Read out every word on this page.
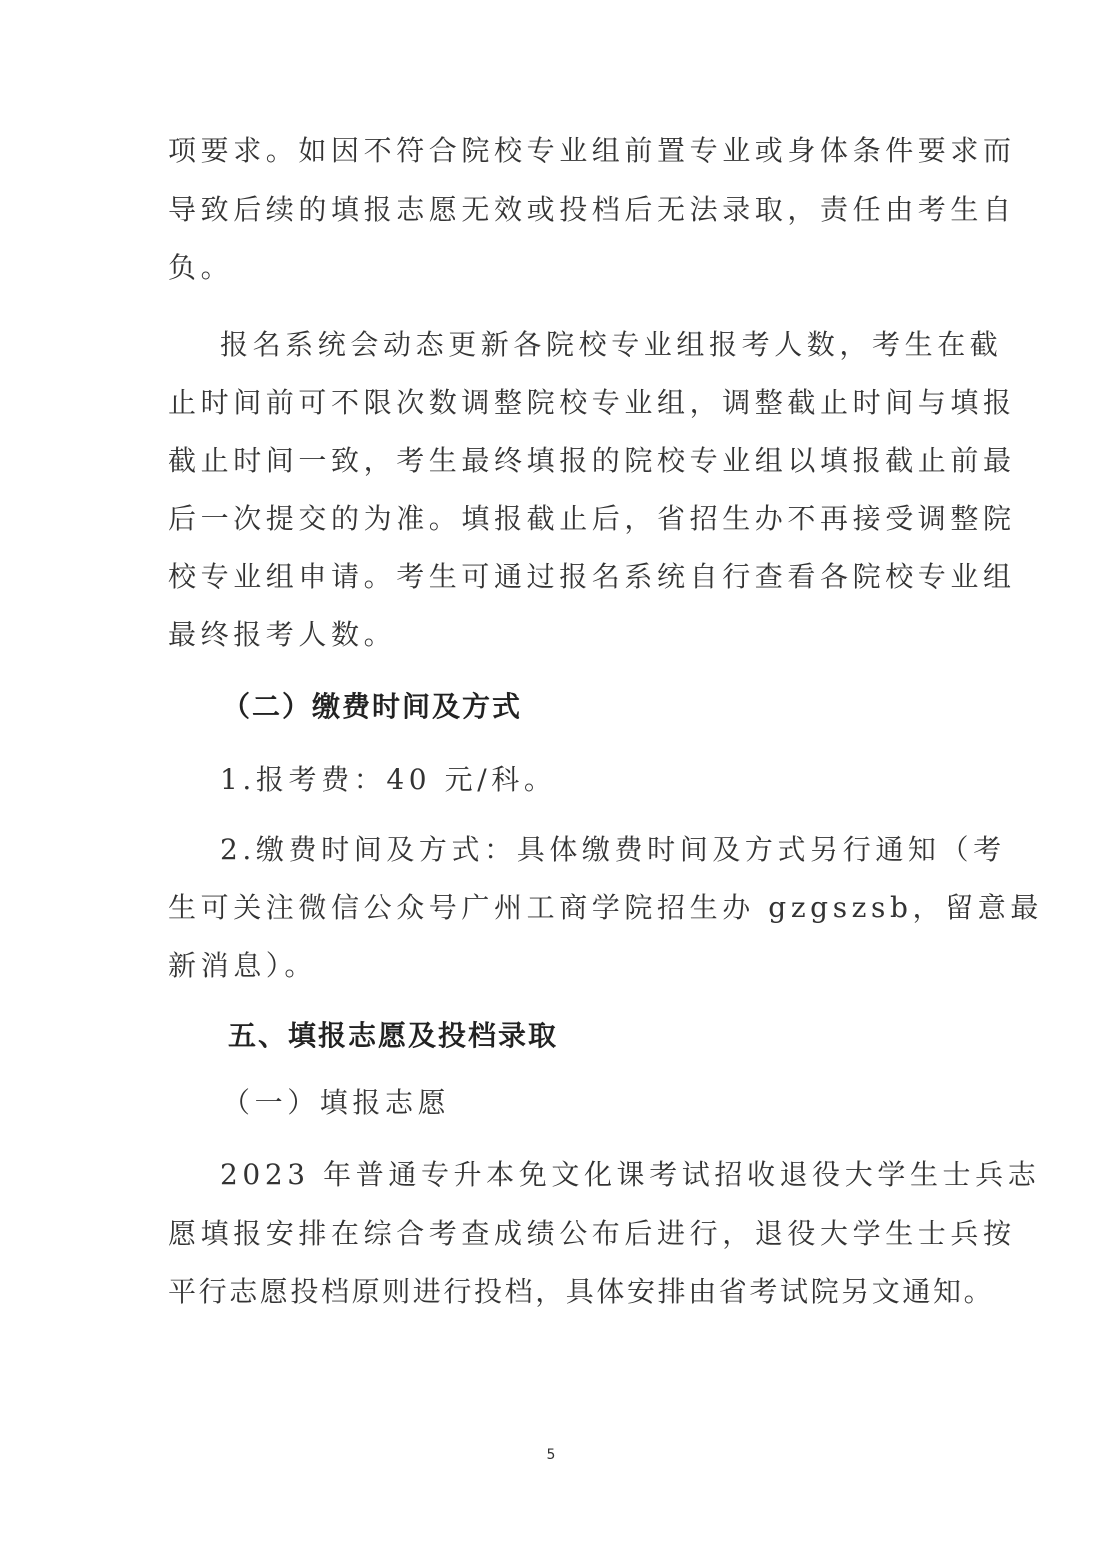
项要求。如因不符合院校专业组前置专业或身体条件要求而
导致后续的填报志愿无效或投档后无法录取，责任由考生自
负。
报名系统会动态更新各院校专业组报考人数，考生在截
止时间前可不限次数调整院校专业组，调整截止时间与填报
截止时间一致，考生最终填报的院校专业组以填报截止前最
后一次提交的为准。填报截止后，省招生办不再接受调整院
校专业组申请。考生可通过报名系统自行查看各院校专业组
最终报考人数。
（二）缴费时间及方式
1.报考费：40 元/科。
2.缴费时间及方式：具体缴费时间及方式另行通知（考
生可关注微信公众号广州工商学院招生办 gzgszsb，留意最
新消息）。
五、填报志愿及投档录取
（一）填报志愿
2023 年普通专升本免文化课考试招收退役大学生士兵志
愿填报安排在综合考查成绩公布后进行，退役大学生士兵按
平行志愿投档原则进行投档，具体安排由省考试院另文通知。
5
